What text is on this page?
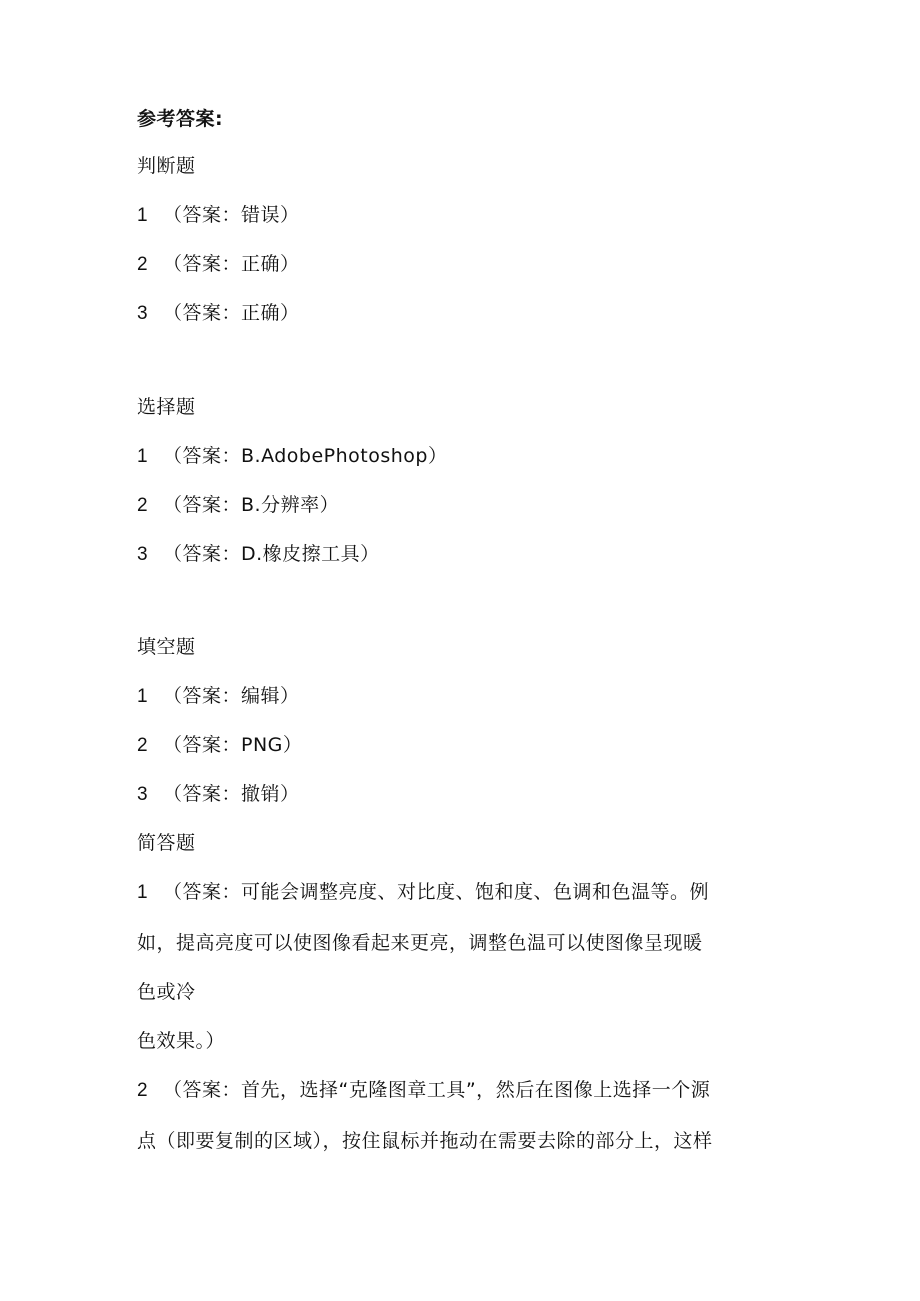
参考答案:
判断题
1 （答案：错误）
2 （答案：正确）
3 （答案：正确）
选择题
1 （答案：B.AdobePhotoshop）
2 （答案：B.分辨率）
3 （答案：D.橡皮擦工具）
填空题
1 （答案：编辑）
2 （答案：PNG）
3 （答案：撤销）
简答题
1 （答案：可能会调整亮度、对比度、饱和度、色调和色温等。例
如，提高亮度可以使图像看起来更亮，调整色温可以使图像呈现暖
色或冷
色效果。）
2 （答案：首先，选择“克隆图章工具”，然后在图像上选择一个源
点（即要复制的区域），按住鼠标并拖动在需要去除的部分上，这样
